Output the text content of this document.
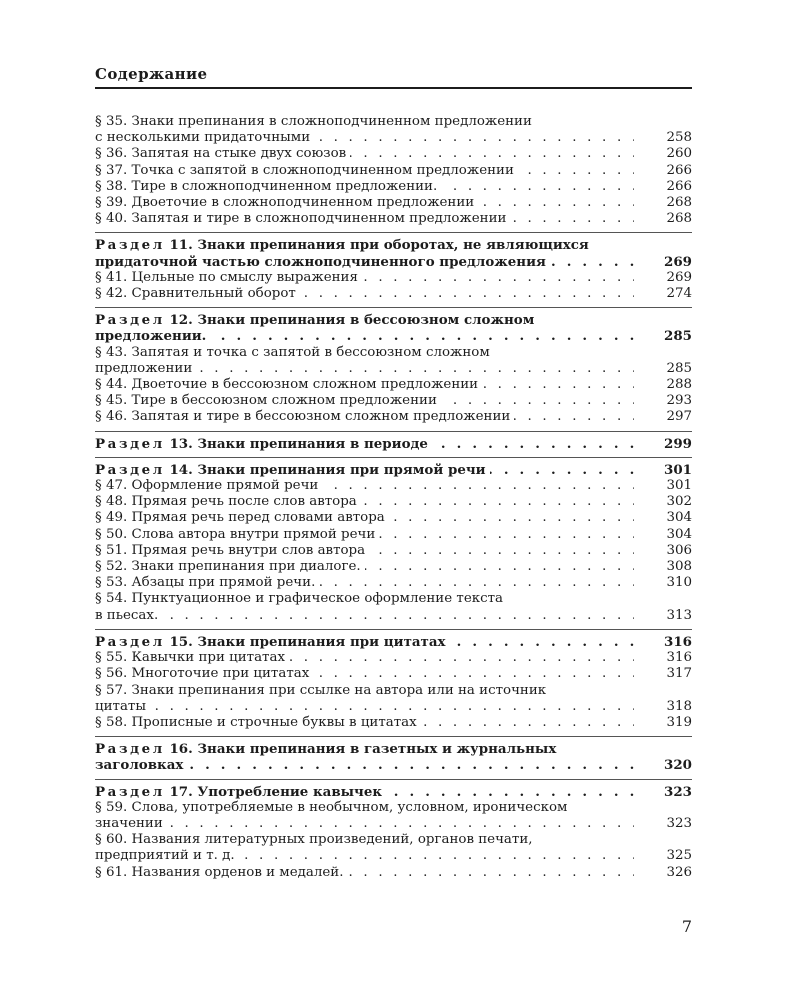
Содержание
. . .
§ 35. Знаки препинания в сложноподчиненном предложении
с несколькими придаточными	258
. . .
§ 36. Запятая на стыке двух союзов	260
. . .
§ 37. Точка с запятой в сложноподчиненном предложении	266
. . .
§ 38. Тире в сложноподчиненном предложении.	266
. . .
§ 39. Двоеточие в сложноподчиненном предложении	268
. . .
§ 40. Запятая и тире в сложноподчиненном предложении	268
. . .
Раздел 11. Знаки препинания при оборотах, не являющихся
придаточной частью сложноподчиненного предложения	269
. . .
§ 41. Цельные по смыслу выражения	269
. . .
§ 42. Сравнительный оборот	274
. . .
Раздел 12. Знаки препинания в бессоюзном сложном
предложении.	285
. . .
§ 43. Запятая и точка с запятой в бессоюзном сложном
предложении	285
. . .
§ 44. Двоеточие в бессоюзном сложном предложении	288
. . .
§ 45. Тире в бессоюзном сложном предложении	293
. . .
§ 46. Запятая и тире в бессоюзном сложном предложении	297
. . .
Раздел 13. Знаки препинания в периоде	299
. . .
Раздел 14. Знаки препинания при прямой речи	301
. . .
§ 47. Оформление прямой речи	301
. . .
§ 48. Прямая речь после слов автора	302
. . .
§ 49. Прямая речь перед словами автора	304
. . .
§ 50. Слова автора внутри прямой речи	304
. . .
§ 51. Прямая речь внутри слов автора	306
. . .
§ 52. Знаки препинания при диалоге.	308
. . .
§ 53. Абзацы при прямой речи.	310
. . .
§ 54. Пунктуационное и графическое оформление текста
в пьесах.	313
. . .
Раздел 15. Знаки препинания при цитатах	316
. . .
§ 55. Кавычки при цитатах	316
. . .
§ 56. Многоточие при цитатах	317
. . .
§ 57. Знаки препинания при ссылке на автора или на источник
цитаты	318
. . .
§ 58. Прописные и строчные буквы в цитатах	319
. . .
Раздел 16. Знаки препинания в газетных и журнальных
заголовках	320
. . .
Раздел 17. Употребление кавычек	323
. . .
§ 59. Слова, употребляемые в необычном, условном, ироническом
значении	323
. . .
§ 60. Названия литературных произведений, органов печати,
предприятий и т. д.	325
. . .
§ 61. Названия орденов и медалей.	326
7
